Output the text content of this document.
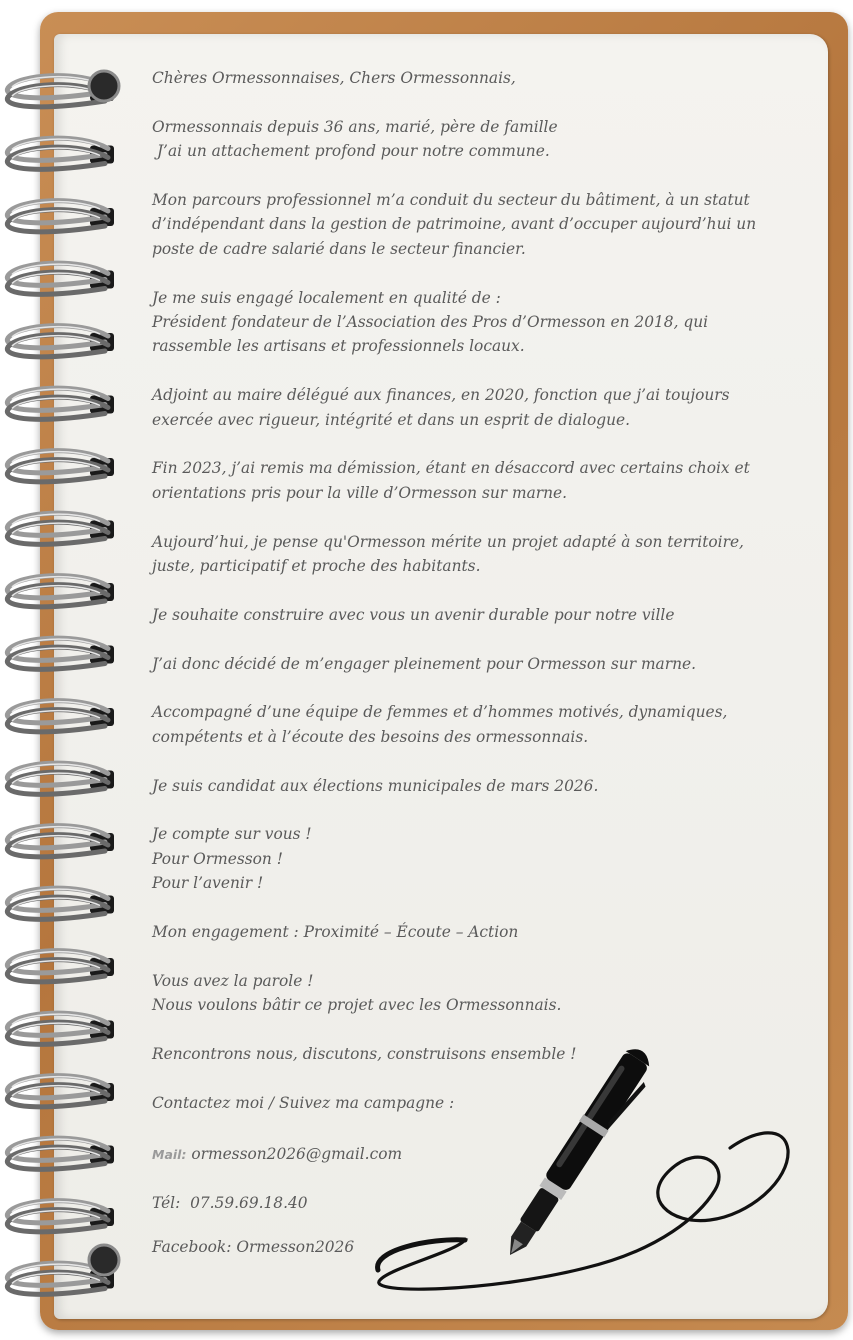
Chères Ormessonnaises, Chers Ormessonnais,
Ormessonnais depuis 36 ans, marié, père de famille
J’ai un attachement profond pour notre commune.
Mon parcours professionnel m’a conduit du secteur du bâtiment, à un statut
d’indépendant dans la gestion de patrimoine, avant d’occuper aujourd’hui un
poste de cadre salarié dans le secteur financier.
Je me suis engagé localement en qualité de :
Président fondateur de l’Association des Pros d’Ormesson en 2018, qui
rassemble les artisans et professionnels locaux.
Adjoint au maire délégué aux finances, en 2020, fonction que j’ai toujours
exercée avec rigueur, intégrité et dans un esprit de dialogue.
Fin 2023, j’ai remis ma démission, étant en désaccord avec certains choix et
orientations pris pour la ville d’Ormesson sur marne.
Aujourd’hui, je pense qu'Ormesson mérite un projet adapté à son territoire,
juste, participatif et proche des habitants.
Je souhaite construire avec vous un avenir durable pour notre ville
J’ai donc décidé de m’engager pleinement pour Ormesson sur marne.
Accompagné d’une équipe de femmes et d’hommes motivés, dynamiques,
compétents et à l’écoute des besoins des ormessonnais.
Je suis candidat aux élections municipales de mars 2026.
Je compte sur vous !
Pour Ormesson !
Pour l’avenir !
Mon engagement : Proximité – Écoute – Action
Vous avez la parole !
Nous voulons bâtir ce projet avec les Ormessonnais.
Rencontrons nous, discutons, construisons ensemble !
Contactez moi / Suivez ma campagne :
Mail: ormesson2026@gmail.com
Tél:  07.59.69.18.40
Facebook: Ormesson2026
